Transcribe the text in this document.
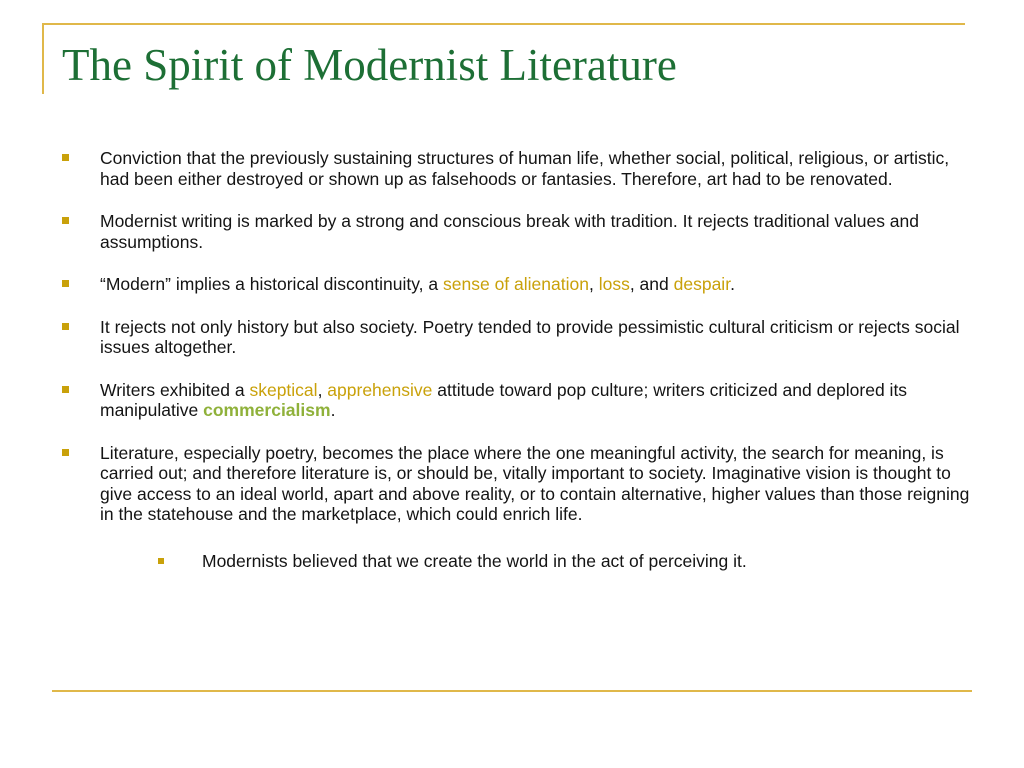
The Spirit of Modernist Literature
Conviction that the previously sustaining structures of human life, whether social, political, religious, or artistic, had been either destroyed or shown up as falsehoods or fantasies. Therefore, art had to be renovated.
Modernist writing is marked by a strong and conscious break with tradition. It rejects traditional values and assumptions.
“Modern” implies a historical discontinuity, a sense of alienation, loss, and despair.
It rejects not only history but also society. Poetry tended to provide pessimistic cultural criticism or rejects social issues altogether.
Writers exhibited a skeptical, apprehensive attitude toward pop culture; writers criticized and deplored its manipulative commercialism.
Literature, especially poetry, becomes the place where the one meaningful activity, the search for meaning, is carried out; and therefore literature is, or should be, vitally important to society. Imaginative vision is thought to give access to an ideal world, apart and above reality, or to contain alternative, higher values than those reigning in the statehouse and the marketplace, which could enrich life.
Modernists believed that we create the world in the act of perceiving it.
